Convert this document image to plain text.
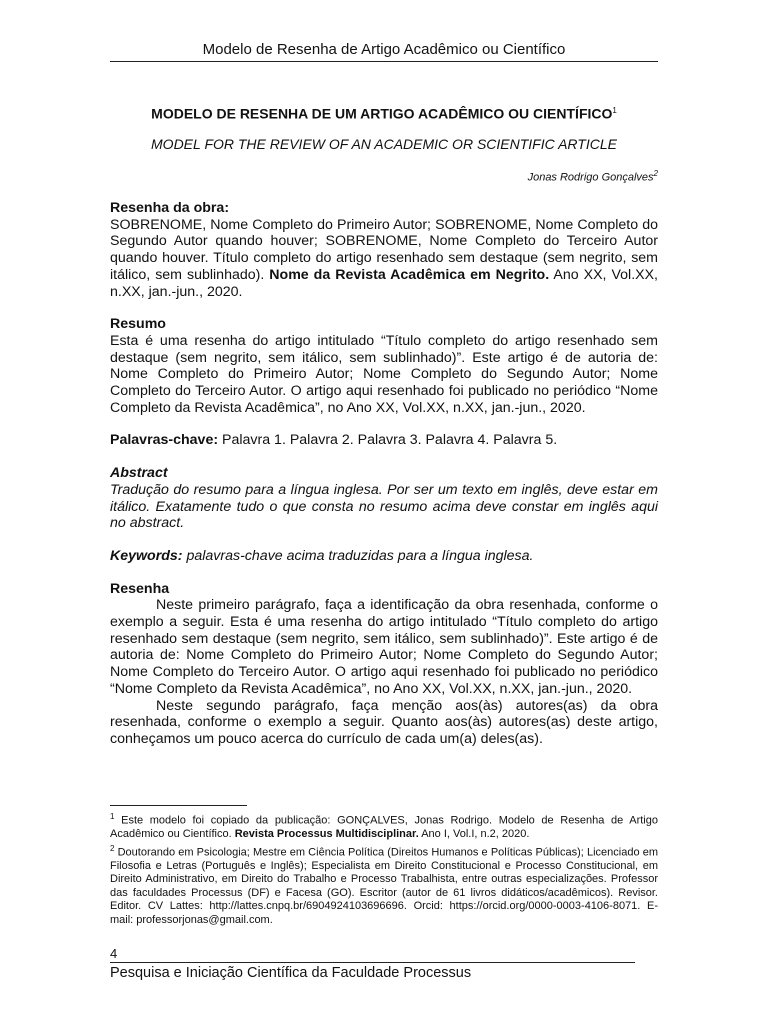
Modelo de Resenha de Artigo Acadêmico ou Científico
MODELO DE RESENHA DE UM ARTIGO ACADÊMICO OU CIENTÍFICO$^1$
MODEL FOR THE REVIEW OF AN ACADEMIC OR SCIENTIFIC ARTICLE
Jonas Rodrigo Gonçalves$^2$

Resenha da obra:

SOBRENOME, Nome Completo do Primeiro Autor; SOBRENOME, Nome Completo do Segundo Autor quando houver; SOBRENOME, Nome Completo do Terceiro Autor quando houver. Título completo do artigo resenhado sem destaque (sem negrito, sem itálico, sem sublinhado). Nome da Revista Acadêmica em Negrito. Ano XX, Vol.XX, n.XX, jan.-jun., 2020.

Resumo

Esta é uma resenha do artigo intitulado “Título completo do artigo resenhado sem destaque (sem negrito, sem itálico, sem sublinhado)”. Este artigo é de autoria de: Nome Completo do Primeiro Autor; Nome Completo do Segundo Autor; Nome Completo do Terceiro Autor. O artigo aqui resenhado foi publicado no periódico “Nome Completo da Revista Acadêmica”, no Ano XX, Vol.XX, n.XX, jan.-jun., 2020.

Palavras-chave: Palavra 1. Palavra 2. Palavra 3. Palavra 4. Palavra 5.

Abstract

Tradução do resumo para a língua inglesa. Por ser um texto em inglês, deve estar em itálico. Exatamente tudo o que consta no resumo acima deve constar em inglês aqui no abstract.

Keywords: palavras-chave acima traduzidas para a língua inglesa.

Resenha

Neste primeiro parágrafo, faça a identificação da obra resenhada, conforme o exemplo a seguir. Esta é uma resenha do artigo intitulado “Título completo do artigo resenhado sem destaque (sem negrito, sem itálico, sem sublinhado)”. Este artigo é de autoria de: Nome Completo do Primeiro Autor; Nome Completo do Segundo Autor; Nome Completo do Terceiro Autor. O artigo aqui resenhado foi publicado no periódico “Nome Completo da Revista Acadêmica”, no Ano XX, Vol.XX, n.XX, jan.-jun., 2020.

Neste segundo parágrafo, faça menção aos(às) autores(as) da obra resenhada, conforme o exemplo a seguir. Quanto aos(às) autores(as) deste artigo, conheçamos um pouco acerca do currículo de cada um(a) deles(as).

$^1$ Este modelo foi copiado da publicação: GONÇALVES, Jonas Rodrigo. Modelo de Resenha de Artigo Acadêmico ou Científico. Revista Processus Multidisciplinar. Ano I, Vol.I, n.2, 2020.

$^2$ Doutorando em Psicologia; Mestre em Ciência Política (Direitos Humanos e Políticas Públicas); Licenciado em Filosofia e Letras (Português e Inglês); Especialista em Direito Constitucional e Processo Constitucional, em Direito Administrativo, em Direito do Trabalho e Processo Trabalhista, entre outras especializações. Professor das faculdades Processus (DF) e Facesa (GO). Escritor (autor de 61 livros didáticos/acadêmicos). Revisor. Editor. CV Lattes: http://lattes.cnpq.br/6904924103696696. Orcid: https://orcid.org/0000-0003-4106-8071. E-mail: professorjonas@gmail.com.

4
Pesquisa e Iniciação Científica da Faculdade Processus
